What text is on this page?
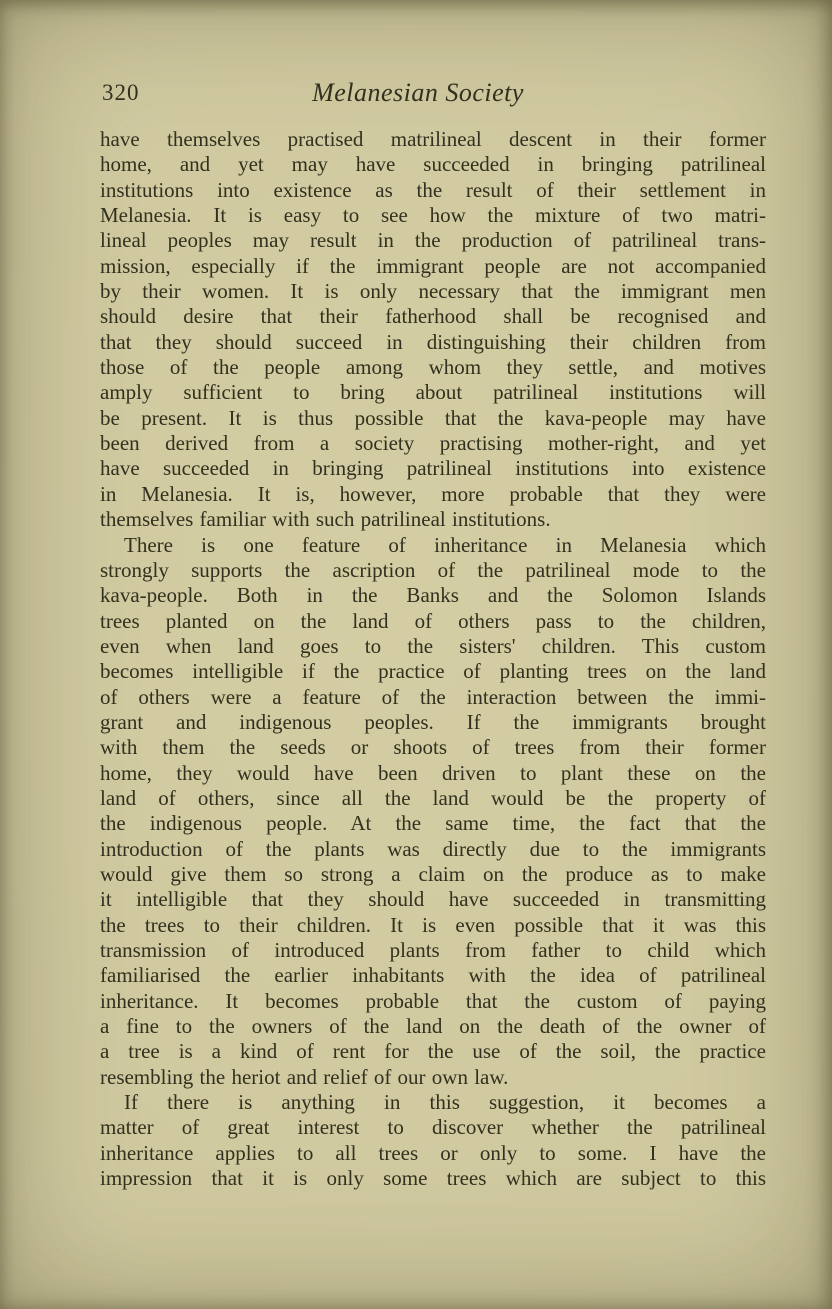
320	Melanesian Society
have themselves practised matrilineal descent in their former
home, and yet may have succeeded in bringing patrilineal
institutions into existence as the result of their settlement in
Melanesia. It is easy to see how the mixture of two matri-
lineal peoples may result in the production of patrilineal trans-
mission, especially if the immigrant people are not accompanied
by their women. It is only necessary that the immigrant men
should desire that their fatherhood shall be recognised and
that they should succeed in distinguishing their children from
those of the people among whom they settle, and motives
amply sufficient to bring about patrilineal institutions will
be present. It is thus possible that the kava-people may have
been derived from a society practising mother-right, and yet
have succeeded in bringing patrilineal institutions into existence
in Melanesia. It is, however, more probable that they were
themselves familiar with such patrilineal institutions.
There is one feature of inheritance in Melanesia which
strongly supports the ascription of the patrilineal mode to the
kava-people. Both in the Banks and the Solomon Islands
trees planted on the land of others pass to the children,
even when land goes to the sisters' children. This custom
becomes intelligible if the practice of planting trees on the land
of others were a feature of the interaction between the immi-
grant and indigenous peoples. If the immigrants brought
with them the seeds or shoots of trees from their former
home, they would have been driven to plant these on the
land of others, since all the land would be the property of
the indigenous people. At the same time, the fact that the
introduction of the plants was directly due to the immigrants
would give them so strong a claim on the produce as to make
it intelligible that they should have succeeded in transmitting
the trees to their children. It is even possible that it was this
transmission of introduced plants from father to child which
familiarised the earlier inhabitants with the idea of patrilineal
inheritance. It becomes probable that the custom of paying
a fine to the owners of the land on the death of the owner of
a tree is a kind of rent for the use of the soil, the practice
resembling the heriot and relief of our own law.
If there is anything in this suggestion, it becomes a
matter of great interest to discover whether the patrilineal
inheritance applies to all trees or only to some. I have the
impression that it is only some trees which are subject to this
